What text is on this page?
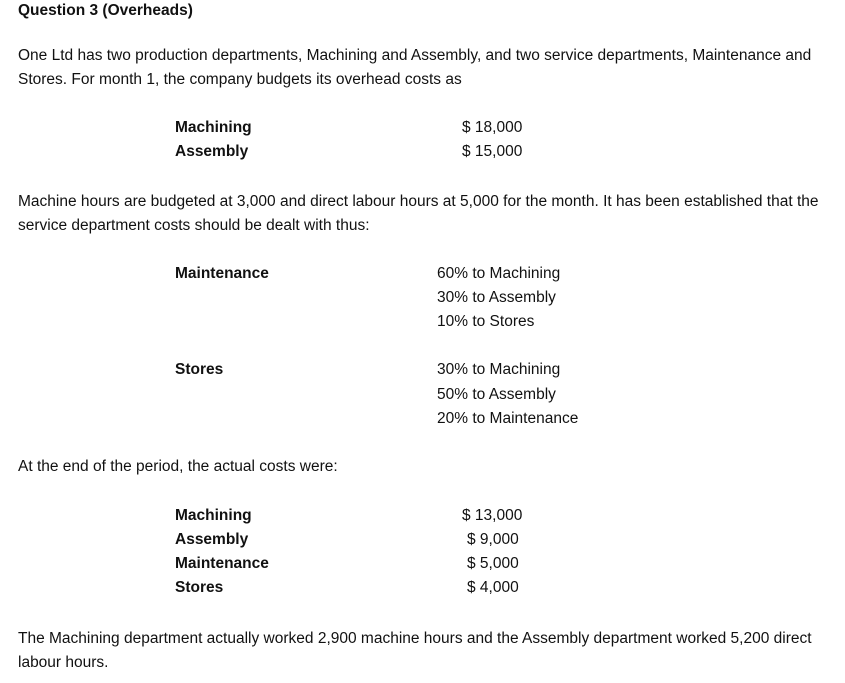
Question 3 (Overheads)
One Ltd has two production departments, Machining and Assembly, and two service departments, Maintenance and Stores. For month 1, the company budgets its overhead costs as
Machining	$ 18,000
Assembly	$ 15,000
Machine hours are budgeted at 3,000 and direct labour hours at 5,000 for the month. It has been established that the service department costs should be dealt with thus:
Maintenance	60% to Machining
30% to Assembly
10% to Stores
Stores	30% to Machining
50% to Assembly
20% to Maintenance
At the end of the period, the actual costs were:
Machining	$ 13,000
Assembly	$ 9,000
Maintenance	$ 5,000
Stores	$ 4,000
The Machining department actually worked 2,900 machine hours and the Assembly department worked 5,200 direct labour hours.
